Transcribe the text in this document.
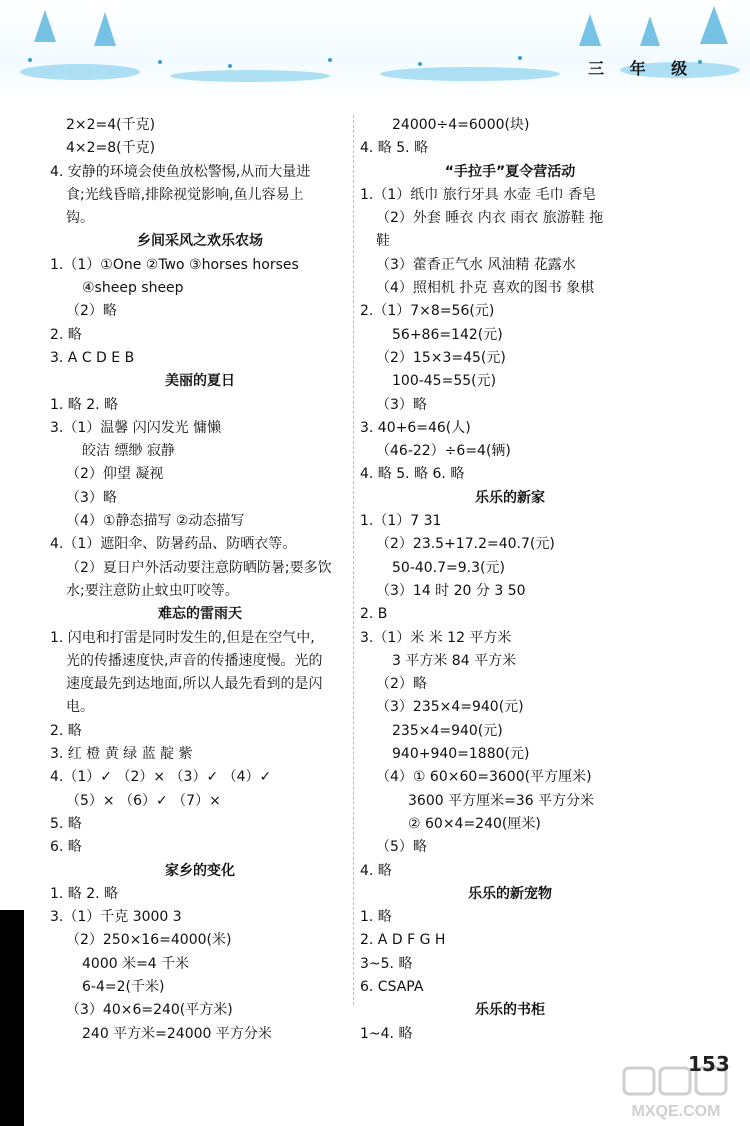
三 年 级
2×2=4(千克)
4×2=8(千克)
4. 安静的环境会使鱼放松警惕,从而大量进
食;光线昏暗,排除视觉影响,鱼儿容易上
钩。
乡间采风之欢乐农场
1.（1）①One ②Two ③horses horses
④sheep sheep
（2）略
2. 略
3. A C D E B
美丽的夏日
1. 略 2. 略
3.（1）温馨 闪闪发光 慵懒
皎洁 缥缈 寂静
（2）仰望 凝视
（3）略
（4）①静态描写 ②动态描写
4.（1）遮阳伞、防暑药品、防晒衣等。
（2）夏日户外活动要注意防晒防暑;要多饮
水;要注意防止蚊虫叮咬等。
难忘的雷雨天
1. 闪电和打雷是同时发生的,但是在空气中,
光的传播速度快,声音的传播速度慢。光的
速度最先到达地面,所以人最先看到的是闪
电。
2. 略
3. 红 橙 黄 绿 蓝 靛 紫
4.（1）✓ （2）× （3）✓ （4）✓
（5）× （6）✓ （7）×
5. 略
6. 略
家乡的变化
1. 略 2. 略
3.（1）千克 3000 3
（2）250×16=4000(米)
4000 米=4 千米
6-4=2(千米)
（3）40×6=240(平方米)
240 平方米=24000 平方分米
24000÷4=6000(块)
4. 略 5. 略
“手拉手”夏令营活动
1.（1）纸巾 旅行牙具 水壶 毛巾 香皂
（2）外套 睡衣 内衣 雨衣 旅游鞋 拖
鞋
（3）藿香正气水 风油精 花露水
（4）照相机 扑克 喜欢的图书 象棋
2.（1）7×8=56(元)
56+86=142(元)
（2）15×3=45(元)
100-45=55(元)
（3）略
3. 40+6=46(人)
（46-22）÷6=4(辆)
4. 略 5. 略 6. 略
乐乐的新家
1.（1）7 31
（2）23.5+17.2=40.7(元)
50-40.7=9.3(元)
（3）14 时 20 分 3 50
2. B
3.（1）米 米 12 平方米
3 平方米 84 平方米
（2）略
（3）235×4=940(元)
235×4=940(元)
940+940=1880(元)
（4）① 60×60=3600(平方厘米)
3600 平方厘米=36 平方分米
② 60×4=240(厘米)
（5）略
4. 略
乐乐的新宠物
1. 略
2. A D F G H
3~5. 略
6. CSAPA
乐乐的书柜
1~4. 略
MXQE.COM
153
